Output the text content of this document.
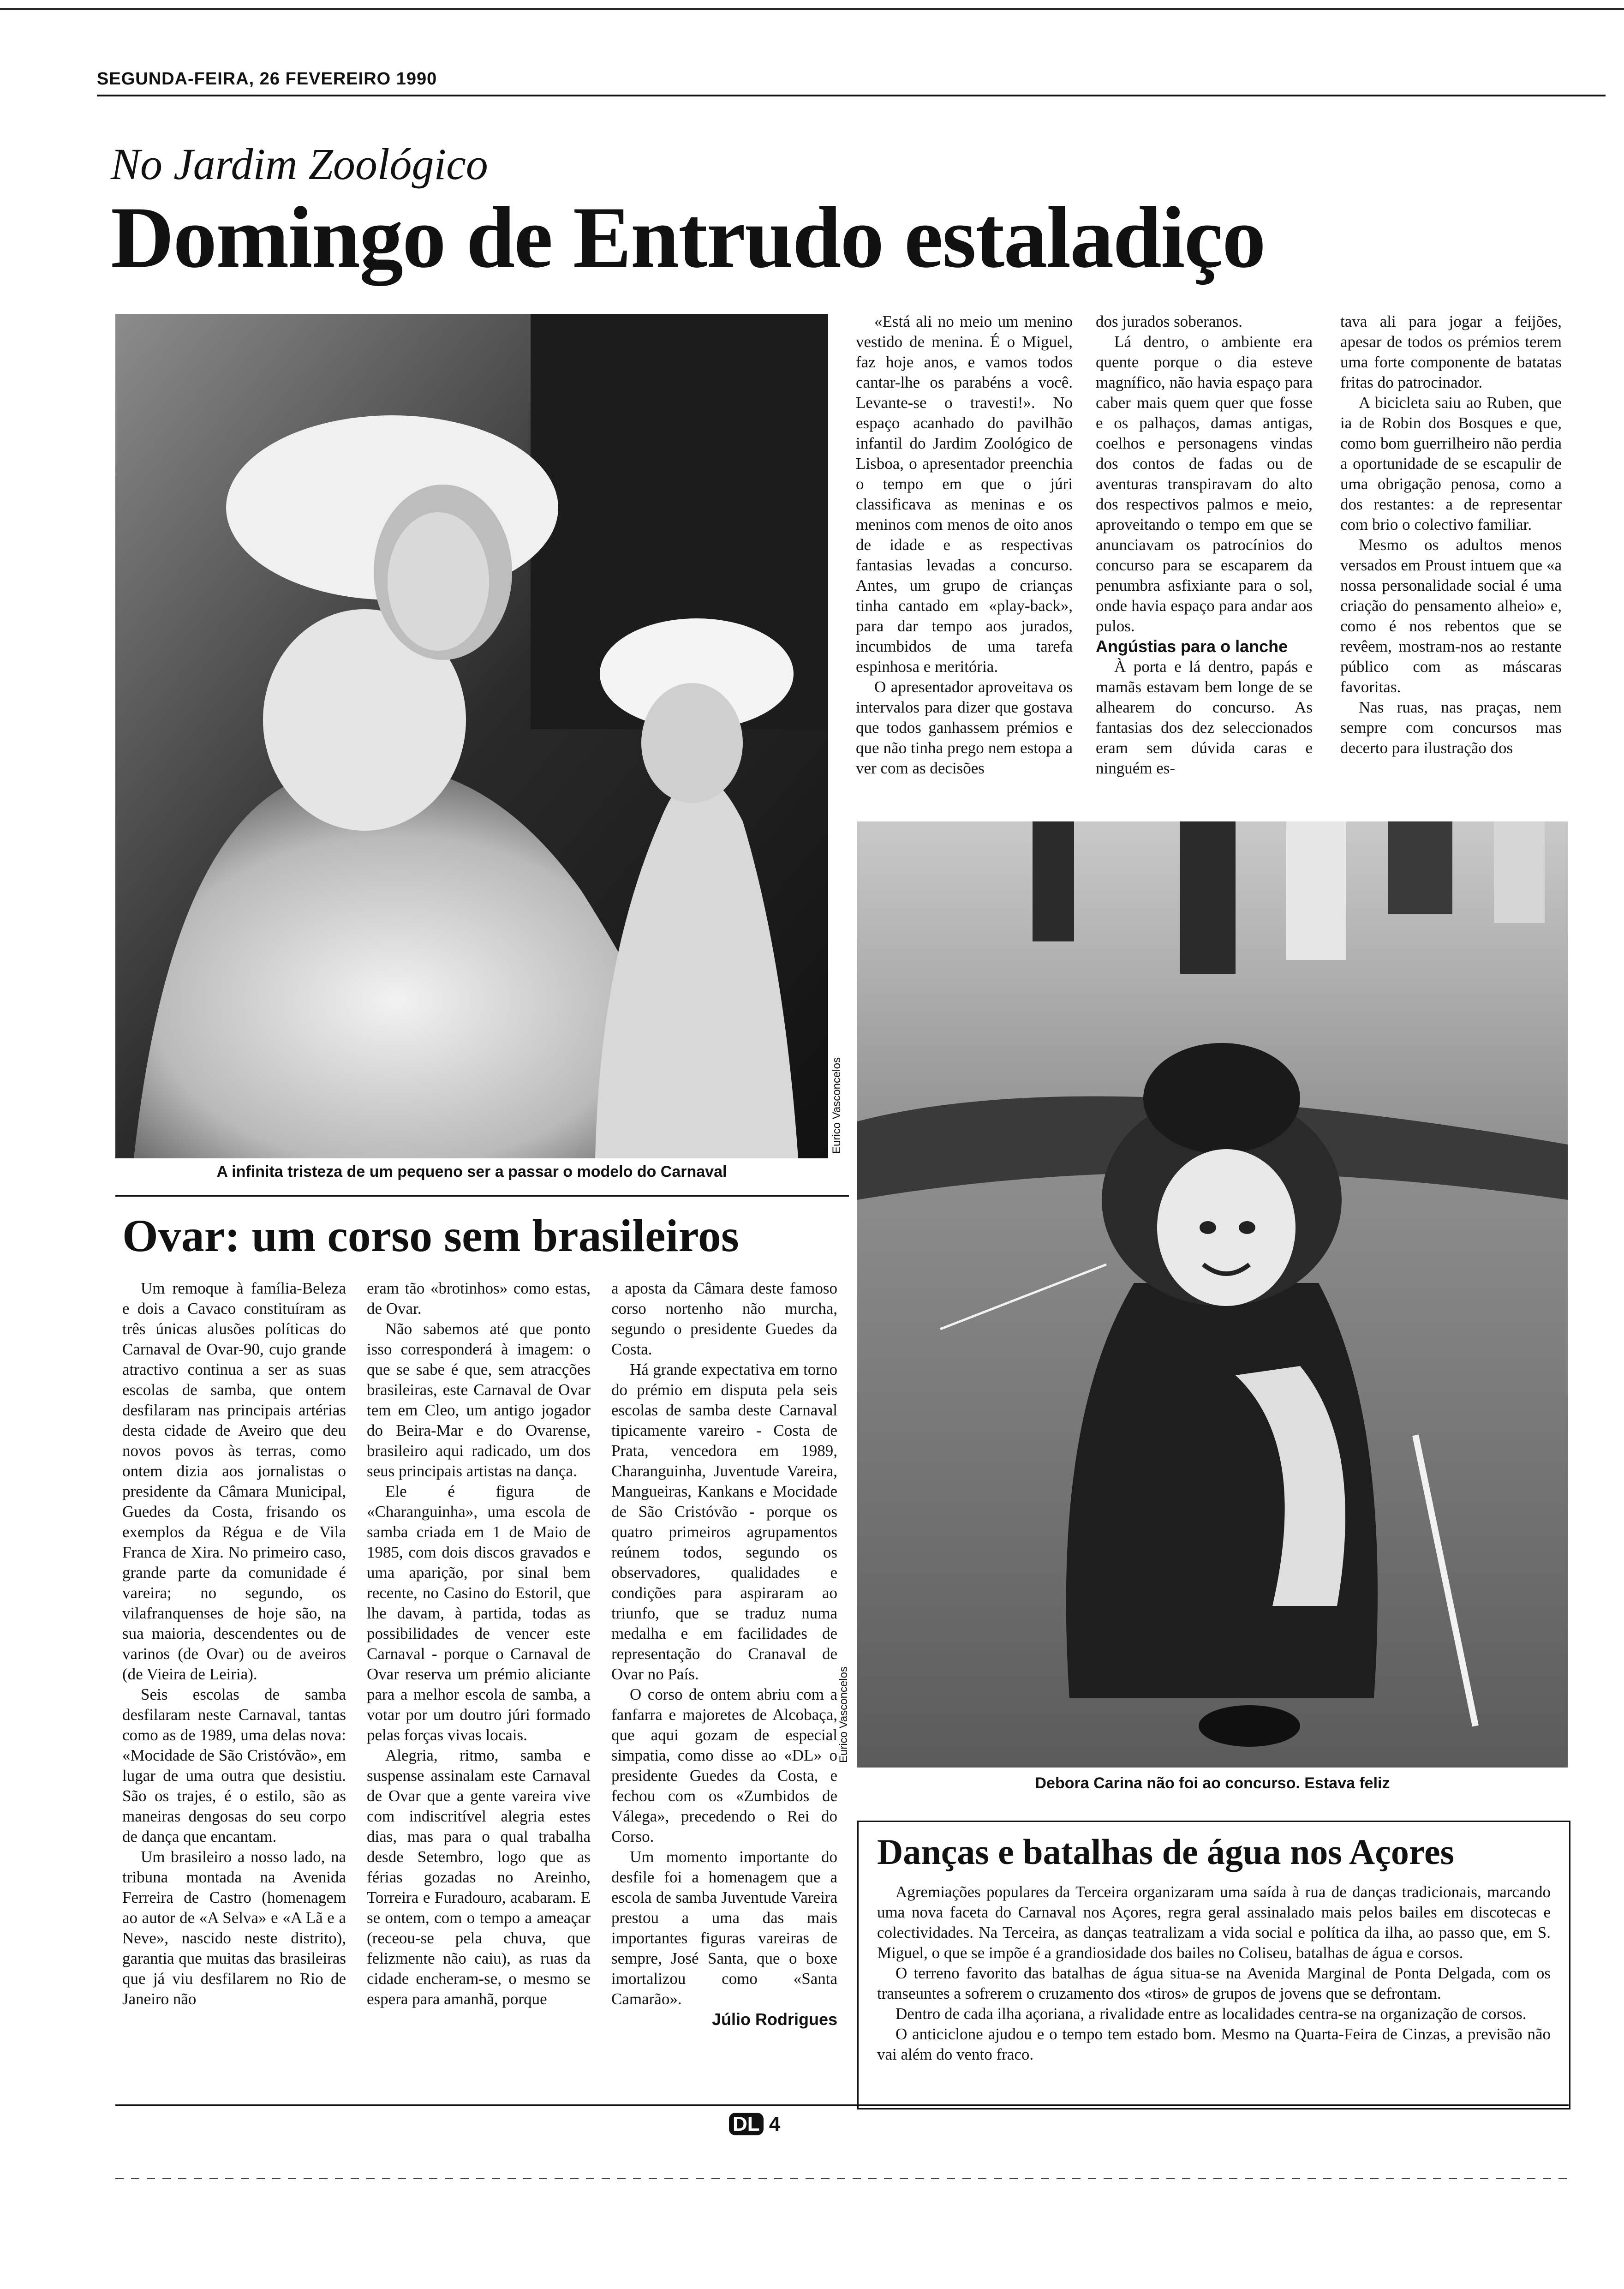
SEGUNDA-FEIRA, 26 FEVEREIRO 1990
No Jardim Zoológico
Domingo de Entrudo estaladiço
Eurico Vasconcelos
A infinita tristeza de um pequeno ser a passar o modelo do Carnaval

«Está ali no meio um menino vestido de menina. É o Miguel, faz hoje anos, e vamos todos cantar-lhe os parabéns a você. Levante-se o travesti!». No espaço acanhado do pavilhão infantil do Jardim Zoológico de Lisboa, o apresentador preenchia o tempo em que o júri classificava as meninas e os meninos com menos de oito anos de idade e as respectivas fantasias levadas a concurso. Antes, um grupo de crianças tinha cantado em «play-back», para dar tempo aos jurados, incumbidos de uma tarefa espinhosa e meritória.

O apresentador aproveitava os intervalos para dizer que gostava que todos ganhassem prémios e que não tinha prego nem estopa a ver com as decisões

dos jurados soberanos.

Lá dentro, o ambiente era quente porque o dia esteve magnífico, não havia espaço para caber mais quem quer que fosse e os palhaços, damas antigas, coelhos e personagens vindas dos contos de fadas ou de aventuras transpiravam do alto dos respectivos palmos e meio, aproveitando o tempo em que se anunciavam os patrocínios do concurso para se escaparem da penumbra asfixiante para o sol, onde havia espaço para andar aos pulos.

Angústias para o lanche

À porta e lá dentro, papás e mamãs estavam bem longe de se alhearem do concurso. As fantasias dos dez seleccionados eram sem dúvida caras e ninguém es-

tava ali para jogar a feijões, apesar de todos os prémios terem uma forte componente de batatas fritas do patrocinador.

A bicicleta saiu ao Ruben, que ia de Robin dos Bosques e que, como bom guerrilheiro não perdia a oportunidade de se escapulir de uma obrigação penosa, como a dos restantes: a de representar com brio o colectivo familiar.

Mesmo os adultos menos versados em Proust intuem que «a nossa personalidade social é uma criação do pensamento alheio» e, como é nos rebentos que se revêem, mostram-nos ao restante público com as máscaras favoritas.

Nas ruas, nas praças, nem sempre com concursos mas decerto para ilustração dos

Eurico Vasconcelos
Debora Carina não foi ao concurso. Estava feliz
Ovar: um corso sem brasileiros

Um remoque à família-Beleza e dois a Cavaco constituíram as três únicas alusões políticas do Carnaval de Ovar-90, cujo grande atractivo continua a ser as suas escolas de samba, que ontem desfilaram nas principais artérias desta cidade de Aveiro que deu novos povos às terras, como ontem dizia aos jornalistas o presidente da Câmara Municipal, Guedes da Costa, frisando os exemplos da Régua e de Vila Franca de Xira. No primeiro caso, grande parte da comunidade é vareira; no segundo, os vilafranquenses de hoje são, na sua maioria, descendentes ou de varinos (de Ovar) ou de aveiros (de Vieira de Leiria).

Seis escolas de samba desfilaram neste Carnaval, tantas como as de 1989, uma delas nova: «Mocidade de São Cristóvão», em lugar de uma outra que desistiu. São os trajes, é o estilo, são as maneiras dengosas do seu corpo de dança que encantam.

Um brasileiro a nosso lado, na tribuna montada na Avenida Ferreira de Castro (homenagem ao autor de «A Selva» e «A Lã e a Neve», nascido neste distrito), garantia que muitas das brasileiras que já viu desfilarem no Rio de Janeiro não

eram tão «brotinhos» como estas, de Ovar.

Não sabemos até que ponto isso corresponderá à imagem: o que se sabe é que, sem atracções brasileiras, este Carnaval de Ovar tem em Cleo, um antigo jogador do Beira-Mar e do Ovarense, brasileiro aqui radicado, um dos seus principais artistas na dança.

Ele é figura de «Charanguinha», uma escola de samba criada em 1 de Maio de 1985, com dois discos gravados e uma aparição, por sinal bem recente, no Casino do Estoril, que lhe davam, à partida, todas as possibilidades de vencer este Carnaval - porque o Carnaval de Ovar reserva um prémio aliciante para a melhor escola de samba, a votar por um doutro júri formado pelas forças vivas locais.

Alegria, ritmo, samba e suspense assinalam este Carnaval de Ovar que a gente vareira vive com indiscritível alegria estes dias, mas para o qual trabalha desde Setembro, logo que as férias gozadas no Areinho, Torreira e Furadouro, acabaram. E se ontem, com o tempo a ameaçar (receou-se pela chuva, que felizmente não caiu), as ruas da cidade encheram-se, o mesmo se espera para amanhã, porque

a aposta da Câmara deste famoso corso nortenho não murcha, segundo o presidente Guedes da Costa.

Há grande expectativa em torno do prémio em disputa pela seis escolas de samba deste Carnaval tipicamente vareiro - Costa de Prata, vencedora em 1989, Charanguinha, Juventude Vareira, Mangueiras, Kankans e Mocidade de São Cristóvão - porque os quatro primeiros agrupamentos reúnem todos, segundo os observadores, qualidades e condições para aspiraram ao triunfo, que se traduz numa medalha e em facilidades de representação do Cranaval de Ovar no País.

O corso de ontem abriu com a fanfarra e majoretes de Alcobaça, que aqui gozam de especial simpatia, como disse ao «DL» o presidente Guedes da Costa, e fechou com os «Zumbidos de Válega», precedendo o Rei do Corso.

Um momento importante do desfile foi a homenagem que a escola de samba Juventude Vareira prestou a uma das mais importantes figuras vareiras de sempre, José Santa, que o boxe imortalizou como «Santa Camarão».

Júlio Rodrigues

Danças e batalhas de água nos Açores

Agremiações populares da Terceira organizaram uma saída à rua de danças tradicionais, marcando uma nova faceta do Carnaval nos Açores, regra geral assinalado mais pelos bailes em discotecas e colectividades. Na Terceira, as danças teatralizam a vida social e política da ilha, ao passo que, em S. Miguel, o que se impõe é a grandiosidade dos bailes no Coliseu, batalhas de água e corsos.

O terreno favorito das batalhas de água situa-se na Avenida Marginal de Ponta Delgada, com os transeuntes a sofrerem o cruzamento dos «tiros» de grupos de jovens que se defrontam.

Dentro de cada ilha açoriana, a rivalidade entre as localidades centra-se na organização de corsos.

O anticiclone ajudou e o tempo tem estado bom. Mesmo na Quarta-Feira de Cinzas, a previsão não vai além do vento fraco.

DL 4
